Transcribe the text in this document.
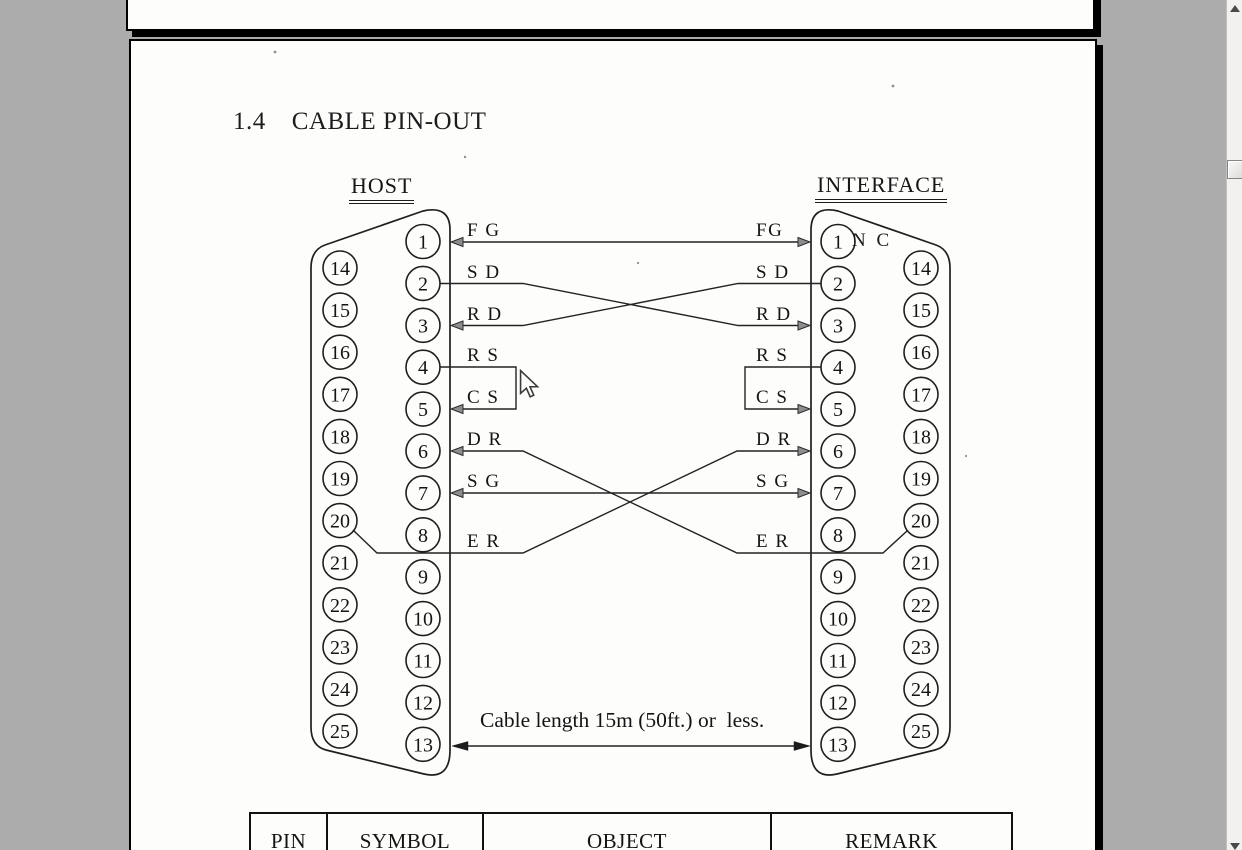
1
2
3
4
5
6
7
8
9
10
11
12
13
14
15
16
17
18
19
20
21
22
23
24
25
1
2
3
4
5
6
7
8
9
10
11
12
13
14
15
16
17
18
19
20
21
22
23
24
25
1.4 CABLE PIN-OUT
HOST	INTERFACE
N C
F G	FG
S D	S D
R D	R D
R S	R S
C S	C S
D R	D R
S G	S G
E R	E R
Cable length 15m (50ft.) or  less.
PIN	SYMBOL	OBJECT	REMARK
